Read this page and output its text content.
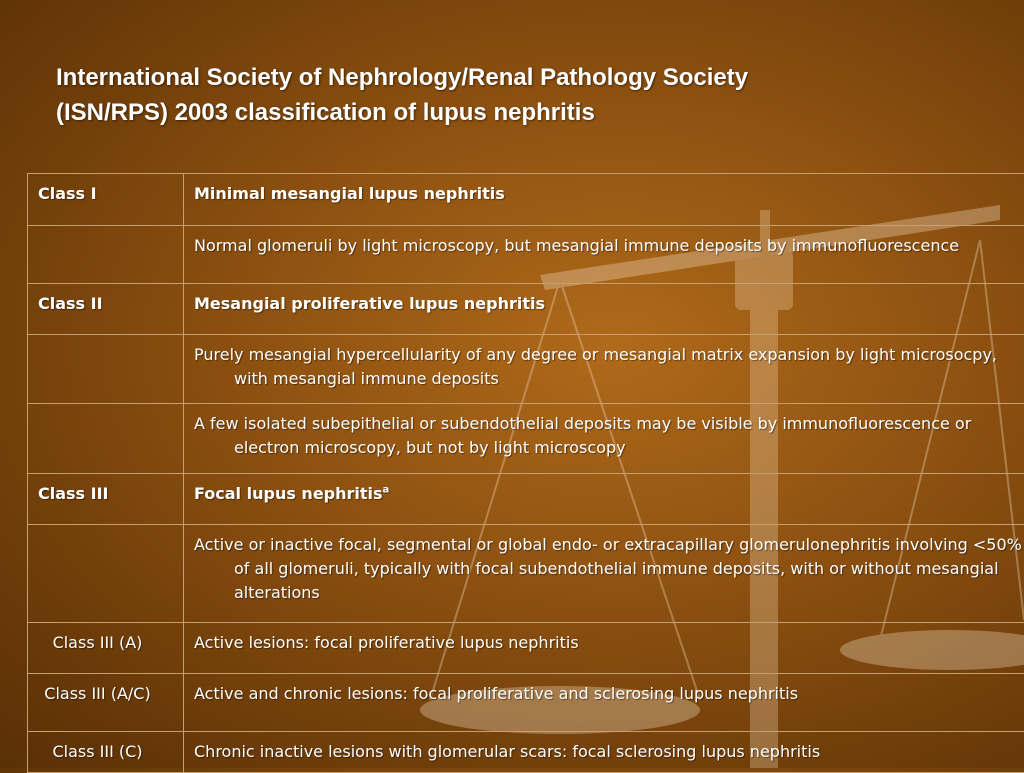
International Society of Nephrology/Renal Pathology Society
(ISN/RPS) 2003 classification of lupus nephritis
Class I	Minimal mesangial lupus nephritis	

	Normal glomeruli by light microscopy, but mesangial immune deposits by immunofluorescence	

Class II	Mesangial proliferative lupus nephritis	

	Purely mesangial hypercellularity of any degree or mesangial matrix expansion by light microsocpy, with mesangial immune deposits	

	A few isolated subepithelial or subendothelial deposits may be visible by immunofluorescence or electron microscopy, but not by light microscopy	

Class III	Focal lupus nephritis$^a$	

	Active or inactive focal, segmental or global endo- or extracapillary glomerulonephritis involving <50% of all glomeruli, typically with focal subendothelial immune deposits, with or without mesangial alterations	

Class III (A)	Active lesions: focal proliferative lupus nephritis	
Class III (A/C)	Active and chronic lesions: focal proliferative and sclerosing lupus nephritis	
Class III (C)	Chronic inactive lesions with glomerular scars: focal sclerosing lupus nephritis	
